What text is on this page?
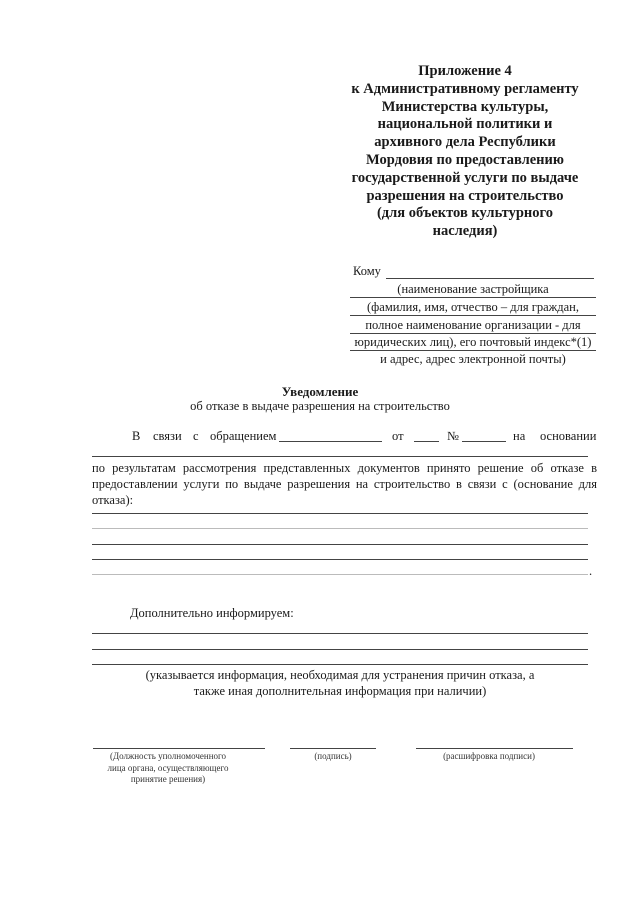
Приложение 4
к Административному регламенту
Министерства культуры,
национальной политики и
архивного дела Республики
Мордовия по предоставлению
государственной услуги по выдаче
разрешения на строительство
(для объектов культурного
наследия)
Кому
(наименование застройщика
(фамилия, имя, отчество – для граждан,
полное наименование организации - для
юридических лиц), его почтовый индекс*(1)
и адрес, адрес электронной почты)
Уведомление
об отказе в выдаче разрешения на строительство
В связи с обращением	от	№	на основании
по результатам рассмотрения представленных документов принято решение об отказе в предоставлении услуги по выдаче разрешения на строительство в связи с (основание для отказа):
.
Дополнительно информируем:
(указывается информация, необходимая для устранения причин отказа, а
также иная дополнительная информация при наличии)
(Должность уполномоченного
лица органа, осуществляющего
принятие решения)
(подпись)	(расшифровка подписи)
